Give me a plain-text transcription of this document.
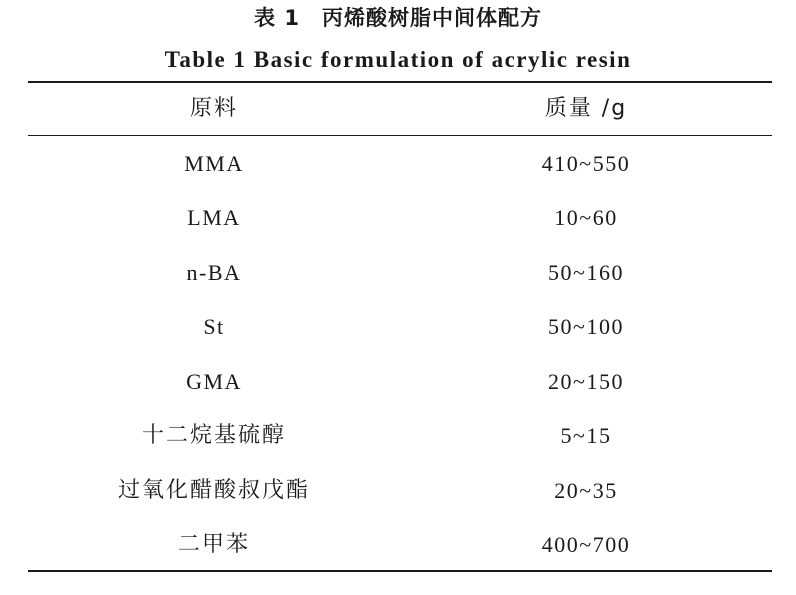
表 1　丙烯酸树脂中间体配方
Table 1 Basic formulation of acrylic resin
原料	质量 /g
MMA	410~550
LMA	10~60
n-BA	50~160
St	50~100
GMA	20~150
十二烷基硫醇	5~15
过氧化醋酸叔戊酯	20~35
二甲苯	400~700
